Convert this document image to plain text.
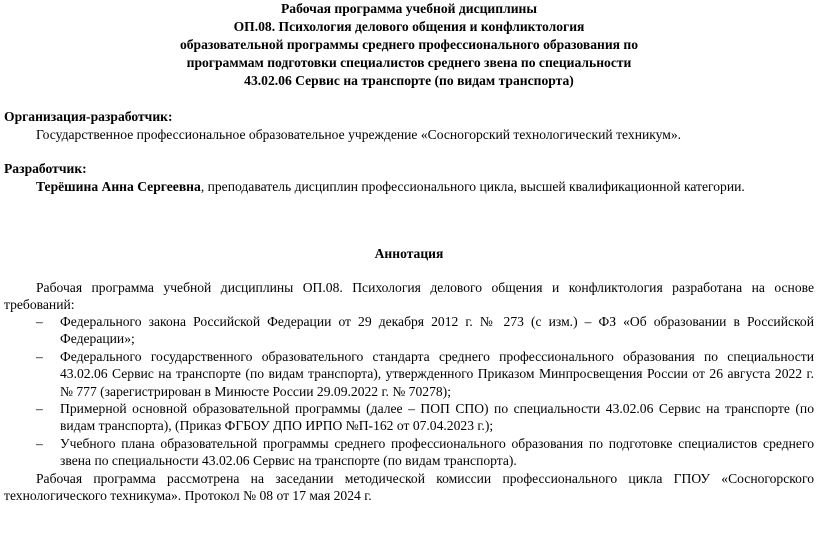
Рабочая программа учебной дисциплины
ОП.08. Психология делового общения и конфликтология
образовательной программы среднего профессионального образования по
программам подготовки специалистов среднего звена по специальности
43.02.06 Сервис на транспорте (по видам транспорта)
Организация-разработчик:

Государственное профессиональное образовательное учреждение «Сосногорский технологический техникум».

Разработчик:

Терёшина Анна Сергеевна, преподаватель дисциплин профессионального цикла, высшей квалификационной категории.

Аннотация

Рабочая программа учебной дисциплины ОП.08. Психология делового общения и конфликтология разработана на основе требований:

– Федерального закона Российской Федерации от 29 декабря 2012 г. № 273 (с изм.) – ФЗ «Об образовании в Российской Федерации»;
– Федерального государственного образовательного стандарта среднего профессионального образования по специальности 43.02.06 Сервис на транспорте (по видам транспорта), утвержденного Приказом Минпросвещения России от 26 августа 2022 г. № 777 (зарегистрирован в Минюсте России 29.09.2022 г. № 70278);
– Примерной основной образовательной программы (далее – ПОП СПО) по специальности 43.02.06 Сервис на транспорте (по видам транспорта), (Приказ ФГБОУ ДПО ИРПО №П-162 от 07.04.2023 г.);
– Учебного плана образовательной программы среднего профессионального образования по подготовке специалистов среднего звена по специальности 43.02.06 Сервис на транспорте (по видам транспорта).

Рабочая программа рассмотрена на заседании методической комиссии профессионального цикла ГПОУ «Сосногорского технологического техникума». Протокол № 08 от 17 мая 2024 г.
